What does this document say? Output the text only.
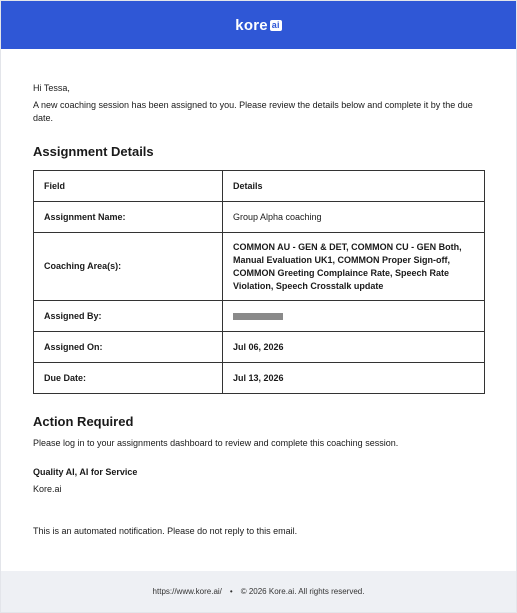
kore ai
Hi Tessa,
A new coaching session has been assigned to you. Please review the details below and complete it by the due date.
Assignment Details
Field	Details
Assignment Name:	Group Alpha coaching
Coaching Area(s):	COMMON AU - GEN & DET, COMMON CU - GEN Both, Manual Evaluation UK1, COMMON Proper Sign-off, COMMON Greeting Complaince Rate, Speech Rate Violation, Speech Crosstalk update
Assigned By:	
Assigned On:	Jul 06, 2026
Due Date:	Jul 13, 2026
Action Required
Please log in to your assignments dashboard to review and complete this coaching session.
Quality AI, AI for Service
Kore.ai
This is an automated notification. Please do not reply to this email.
https://www.kore.ai/ • © 2026 Kore.ai. All rights reserved.
